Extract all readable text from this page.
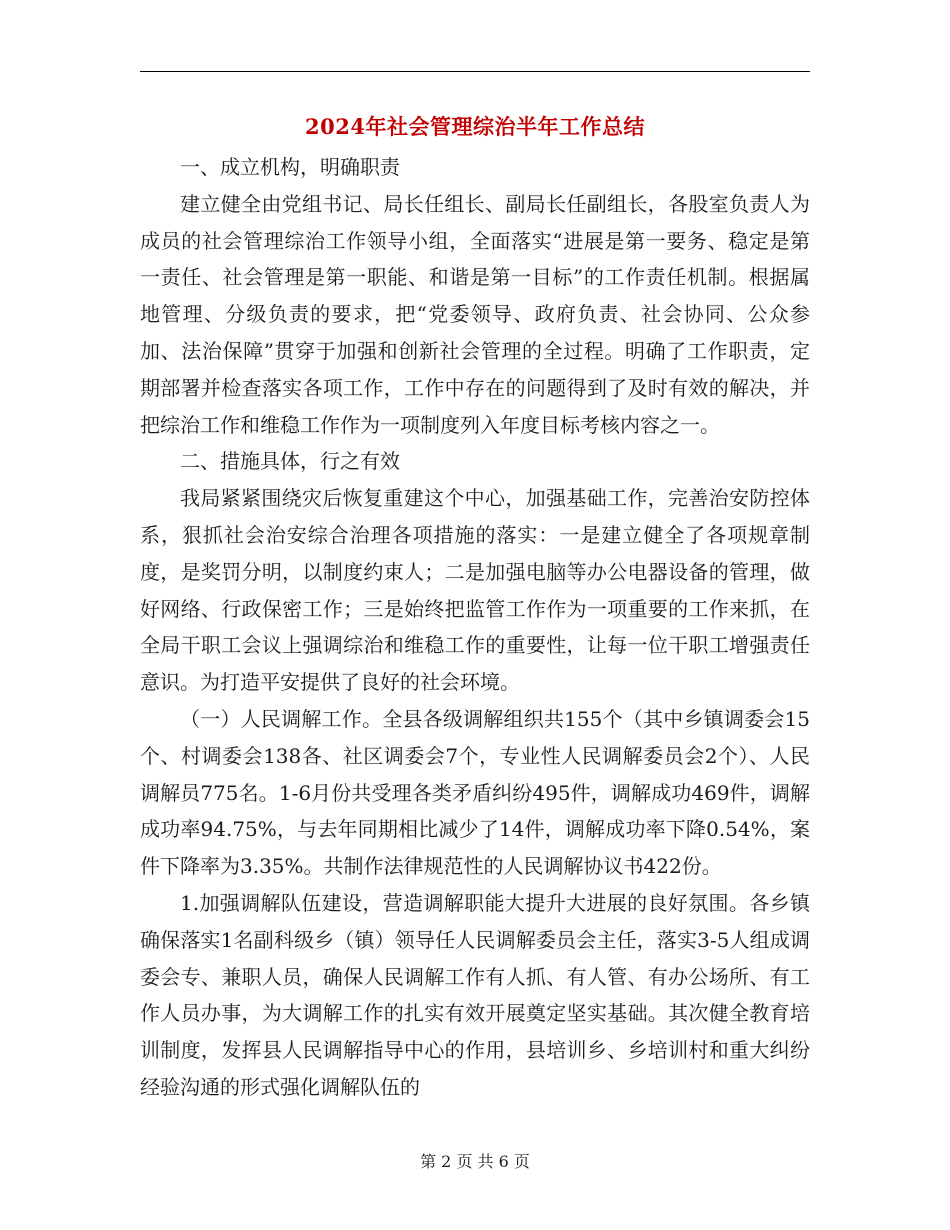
2024年社会管理综治半年工作总结

一、成立机构，明确职责

建立健全由党组书记、局长任组长、副局长任副组长，各股室负责人为成员的社会管理综治工作领导小组，全面落实“进展是第一要务、稳定是第一责任、社会管理是第一职能、和谐是第一目标”的工作责任机制。根据属地管理、分级负责的要求，把“党委领导、政府负责、社会协同、公众参加、法治保障”贯穿于加强和创新社会管理的全过程。明确了工作职责，定期部署并检查落实各项工作，工作中存在的问题得到了及时有效的解决，并把综治工作和维稳工作作为一项制度列入年度目标考核内容之一。

二、措施具体，行之有效

我局紧紧围绕灾后恢复重建这个中心，加强基础工作，完善治安防控体系，狠抓社会治安综合治理各项措施的落实：一是建立健全了各项规章制度，是奖罚分明，以制度约束人；二是加强电脑等办公电器设备的管理，做好网络、行政保密工作；三是始终把监管工作作为一项重要的工作来抓，在全局干职工会议上强调综治和维稳工作的重要性，让每一位干职工增强责任意识。为打造平安提供了良好的社会环境。

（一）人民调解工作。全县各级调解组织共155个（其中乡镇调委会15个、村调委会138各、社区调委会7个，专业性人民调解委员会2个）、人民调解员775名。1-6月份共受理各类矛盾纠纷495件，调解成功469件，调解成功率94.75%，与去年同期相比减少了14件，调解成功率下降0.54%，案件下降率为3.35%。共制作法律规范性的人民调解协议书422份。

1.加强调解队伍建设，营造调解职能大提升大进展的良好氛围。各乡镇确保落实1名副科级乡（镇）领导任人民调解委员会主任，落实3-5人组成调委会专、兼职人员，确保人民调解工作有人抓、有人管、有办公场所、有工作人员办事，为大调解工作的扎实有效开展奠定坚实基础。其次健全教育培训制度，发挥县人民调解指导中心的作用，县培训乡、乡培训村和重大纠纷经验沟通的形式强化调解队伍的

第 2 页 共 6 页
